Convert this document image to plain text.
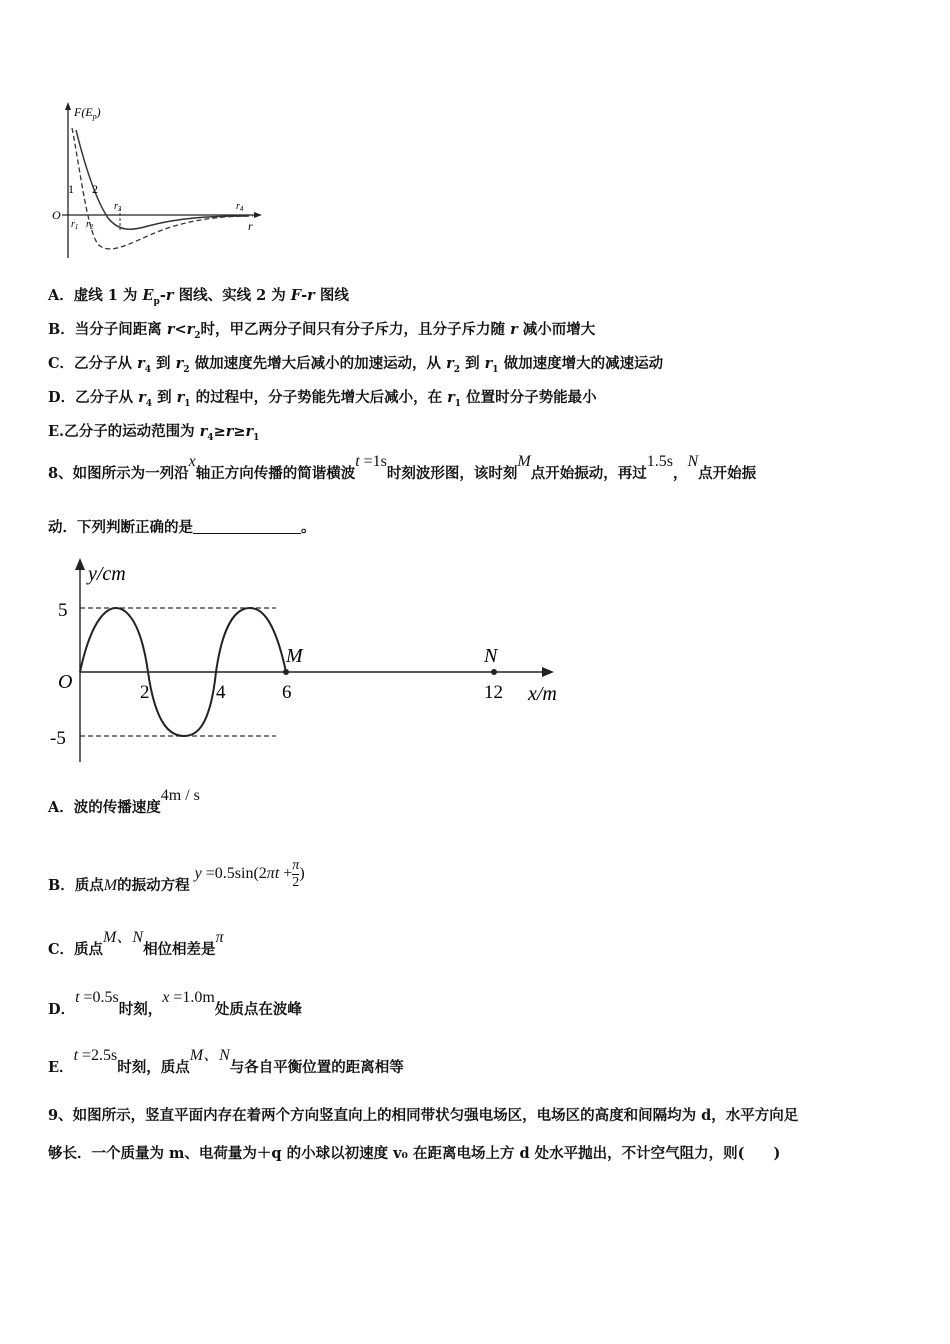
$F(E_p)$
O
1 2
$r_1$ $r_2$
$r_3$	$r_4$
r
A．虚线 1 为 $E_p-r$ 图线、实线 2 为 F-r 图线
B．当分子间距离 $r<r_2$时，甲乙两分子间只有分子斥力，且分子斥力随 r 减小而增大
C．乙分子从 $r_4$ 到 $r_2$ 做加速度先增大后减小的加速运动，从 $r_2$ 到 $r_1$ 做加速度增大的减速运动
D．乙分子从 $r_4$ 到 $r_1$ 的过程中，分子势能先增大后减小，在 $r_1$ 位置时分子势能最小
E.乙分子的运动范围为 $r_4\ge r\ge r_1$
8、如图所示为一列沿x轴正方向传播的简谐横波t =1s时刻波形图，该时刻M点开始振动，再过1.5s，N点开始振
动．下列判断正确的是	。
y/cm
5
-5
O	2	4	6	12 x/m
M	N
A．波的传播速度4m / s
B．质点M的振动方程 $y =0.5\sin(2\pi t + \frac{\pi}{2}$ )
C．质点M、N相位相差是π
D．t =0.5s时刻，x =1.0m处质点在波峰
E．t =2.5s时刻，质点M、N与各自平衡位置的距离相等
9、如图所示，竖直平面内存在着两个方向竖直向上的相同带状匀强电场区，电场区的高度和间隔均为 d，水平方向足
够长．一个质量为 m、电荷量为＋q 的小球以初速度 v₀ 在距离电场上方 d 处水平抛出，不计空气阻力，则(　　)
